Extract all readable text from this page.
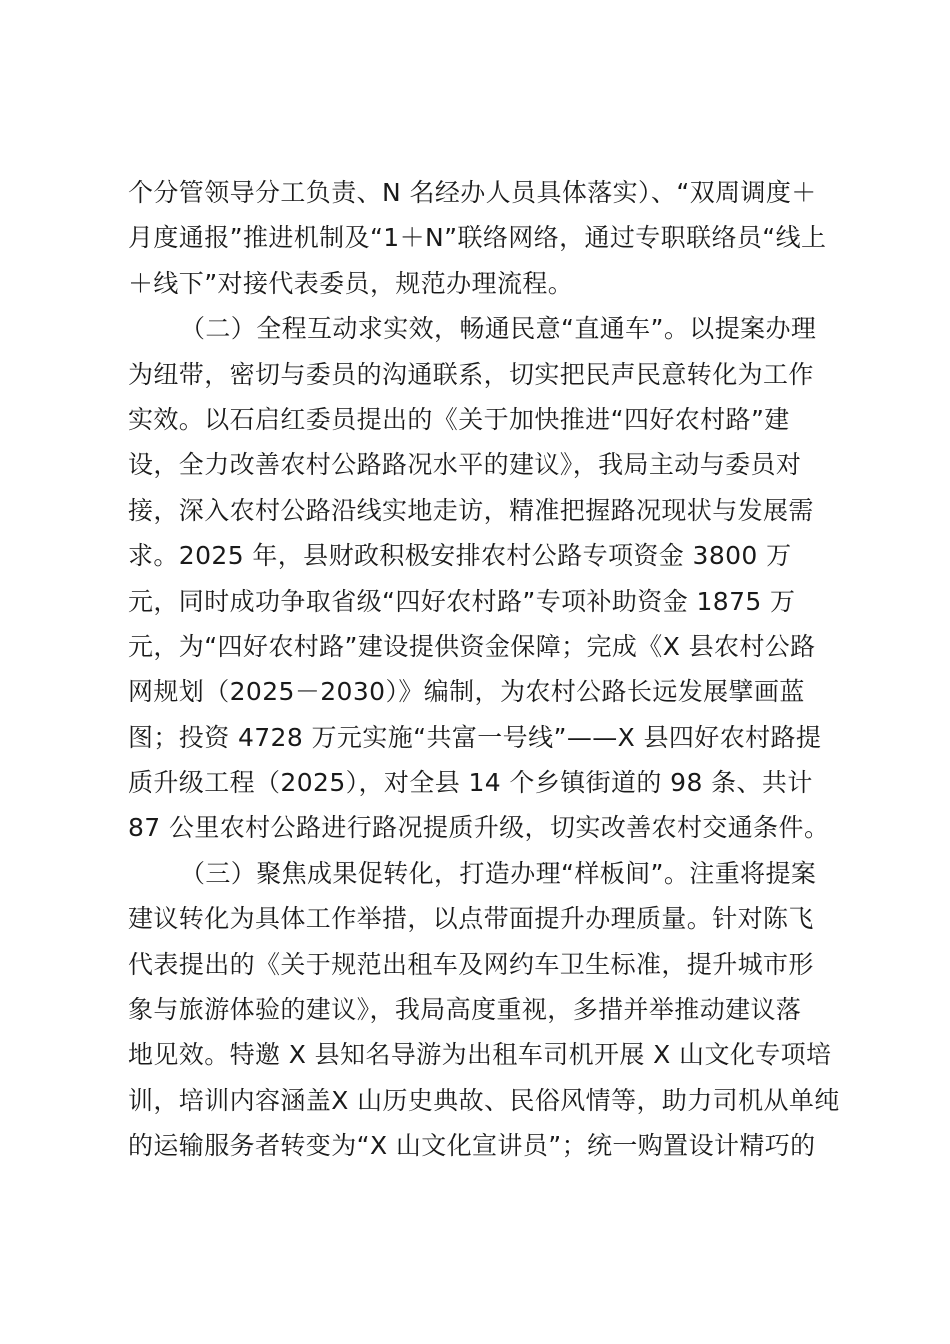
个分管领导分工负责、N 名经办人员具体落实）、“双周调度＋
月度通报”推进机制及“1＋N”联络网络，通过专职联络员“线上
＋线下”对接代表委员，规范办理流程。
（二）全程互动求实效，畅通民意“直通车”。以提案办理
为纽带，密切与委员的沟通联系，切实把民声民意转化为工作
实效。以石启红委员提出的《关于加快推进“四好农村路”建
设，全力改善农村公路路况水平的建议》，我局主动与委员对
接，深入农村公路沿线实地走访，精准把握路况现状与发展需
求。2025 年，县财政积极安排农村公路专项资金 3800 万
元，同时成功争取省级“四好农村路”专项补助资金 1875 万
元，为“四好农村路”建设提供资金保障；完成《X 县农村公路
网规划（2025－2030）》编制，为农村公路长远发展擘画蓝
图；投资 4728 万元实施“共富一号线”——X 县四好农村路提
质升级工程（2025），对全县 14 个乡镇街道的 98 条、共计
87 公里农村公路进行路况提质升级，切实改善农村交通条件。
（三）聚焦成果促转化，打造办理“样板间”。注重将提案
建议转化为具体工作举措，以点带面提升办理质量。针对陈飞
代表提出的《关于规范出租车及网约车卫生标准，提升城市形
象与旅游体验的建议》，我局高度重视，多措并举推动建议落
地见效。特邀 X 县知名导游为出租车司机开展 X 山文化专项培
训，培训内容涵盖X 山历史典故、民俗风情等，助力司机从单纯
的运输服务者转变为“X 山文化宣讲员”；统一购置设计精巧的
